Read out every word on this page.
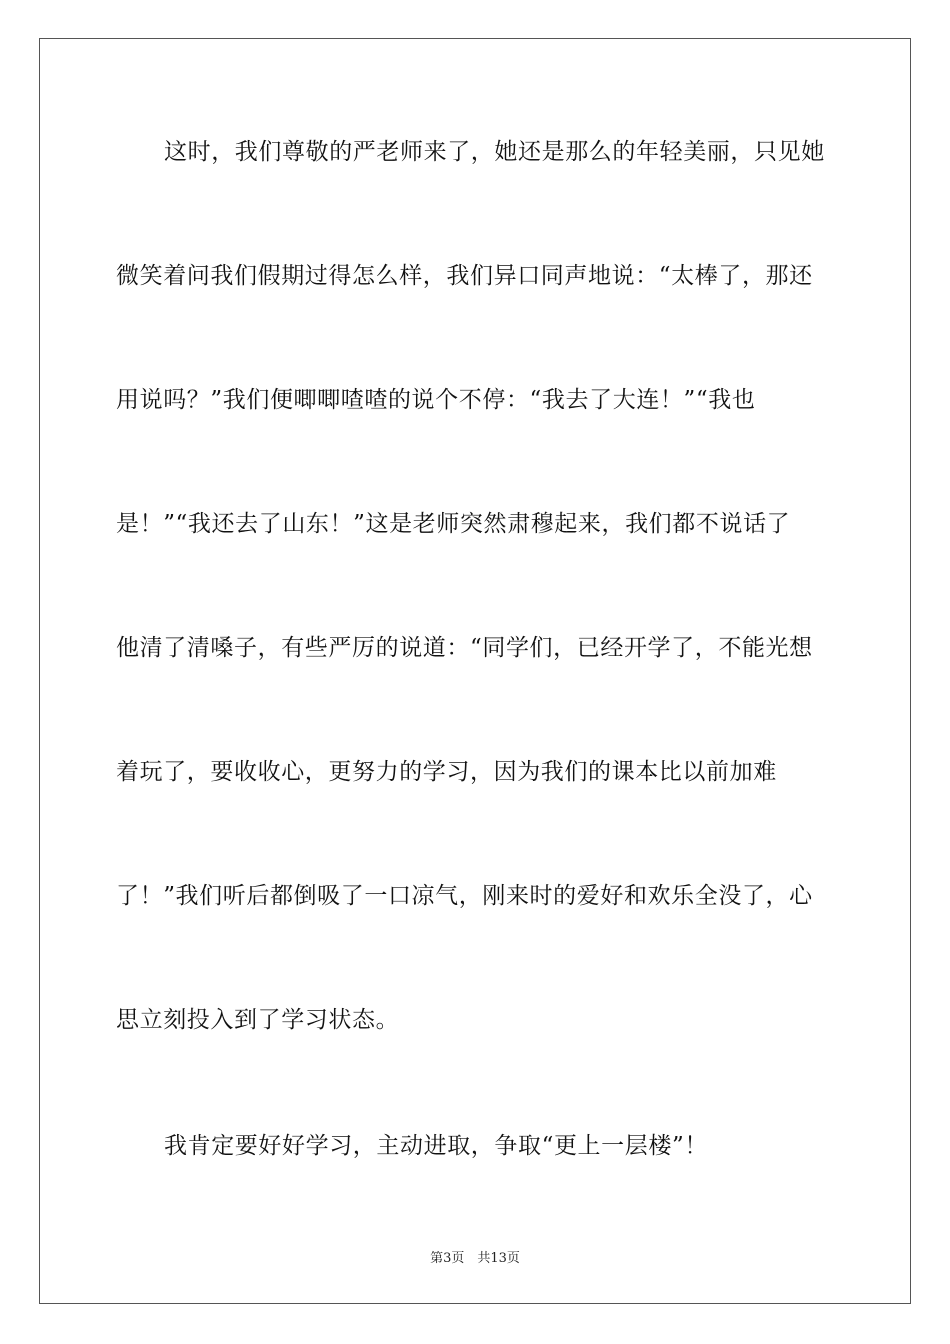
这时，我们尊敬的严老师来了，她还是那么的年轻美丽，只见她
微笑着问我们假期过得怎么样，我们异口同声地说：“太棒了，那还
用说吗？”我们便唧唧喳喳的说个不停：“我去了大连！”“我也
是！”“我还去了山东！”这是老师突然肃穆起来，我们都不说话了
他清了清嗓子，有些严厉的说道：“同学们，已经开学了，不能光想
着玩了，要收收心，更努力的学习，因为我们的课本比以前加难
了！”我们听后都倒吸了一口凉气，刚来时的爱好和欢乐全没了，心
思立刻投入到了学习状态。
我肯定要好好学习，主动进取，争取“更上一层楼”！
第3页　共13页
